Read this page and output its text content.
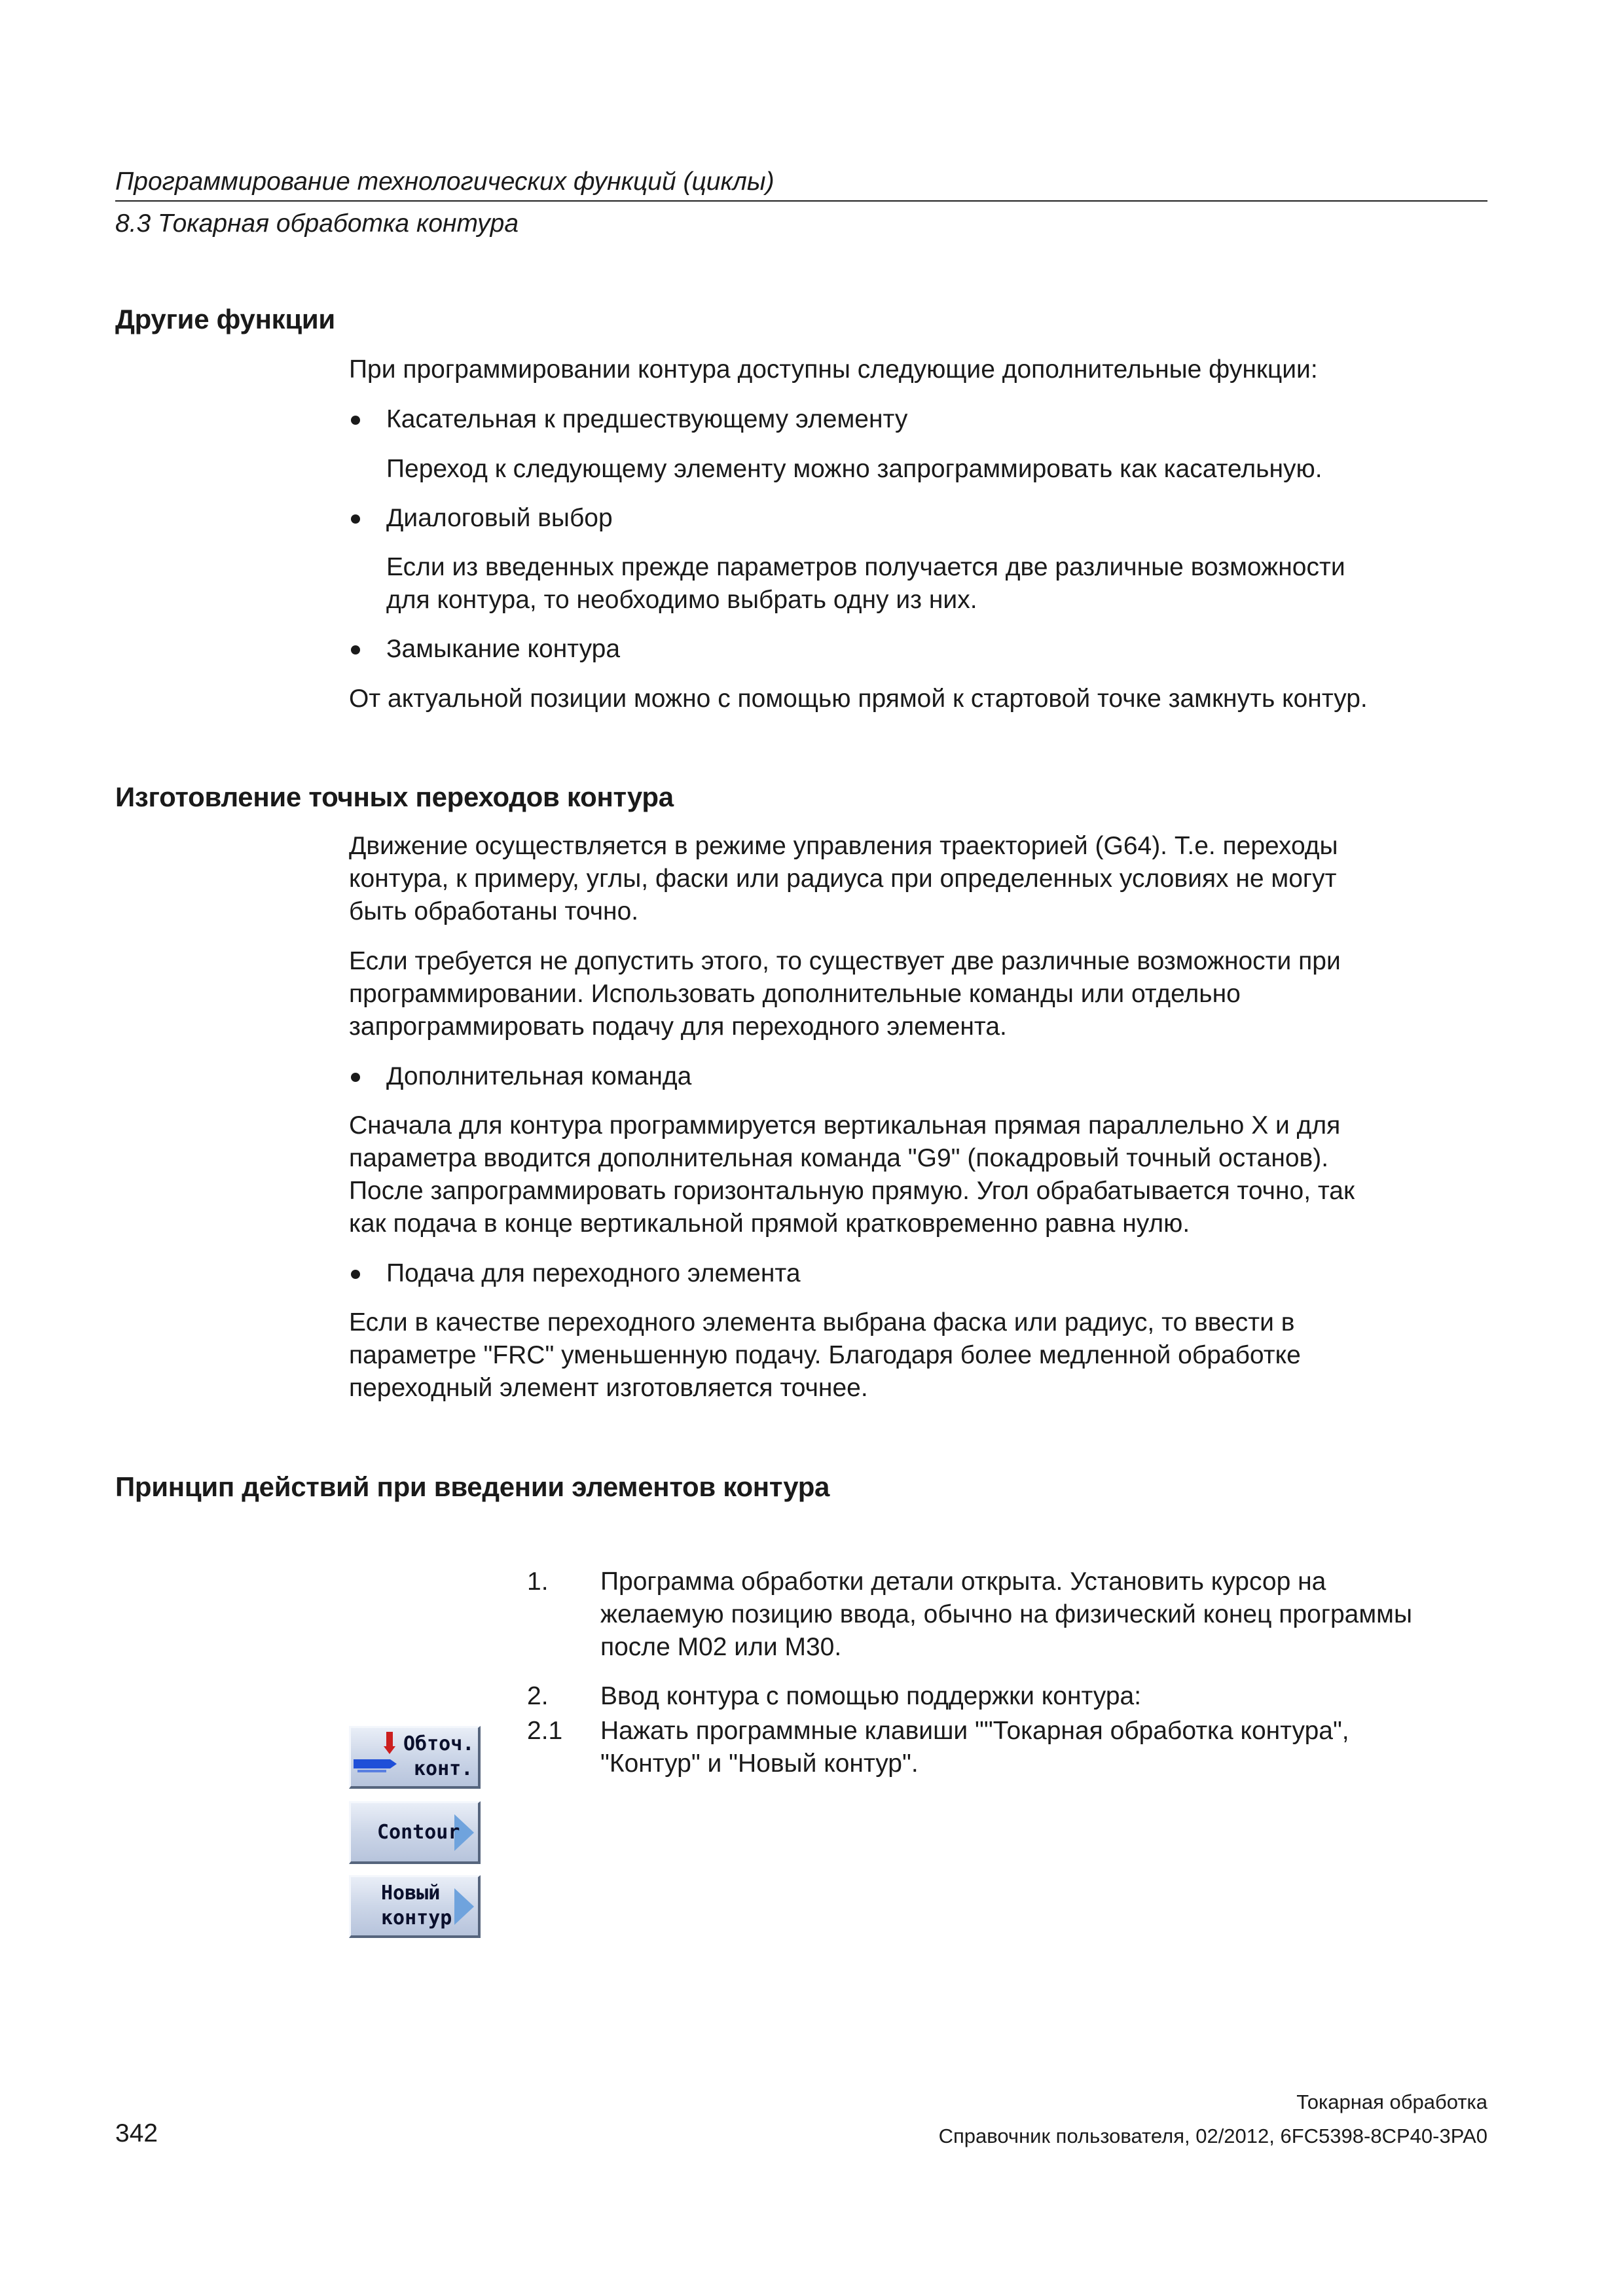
Программирование технологических функций (циклы)
8.3 Токарная обработка контура
Другие функции
При программировании контура доступны следующие дополнительные функции:
Касательная к предшествующему элементу
Переход к следующему элементу можно запрограммировать как касательную.
Диалоговый выбор
Если из введенных прежде параметров получается две различные возможности
для контура, то необходимо выбрать одну из них.
Замыкание контура
От актуальной позиции можно с помощью прямой к стартовой точке замкнуть контур.
Изготовление точных переходов контура
Движение осуществляется в режиме управления траекторией (G64). Т.е. переходы
контура, к примеру, углы, фаски или радиуса при определенных условиях не могут
быть обработаны точно.
Если требуется не допустить этого, то существует две различные возможности при
программировании. Использовать дополнительные команды или отдельно
запрограммировать подачу для переходного элемента.
Дополнительная команда
Сначала для контура программируется вертикальная прямая параллельно X и для
параметра вводится дополнительная команда "G9" (покадровый точный останов).
После запрограммировать горизонтальную прямую. Угол обрабатывается точно, так
как подача в конце вертикальной прямой кратковременно равна нулю.
Подача для переходного элемента
Если в качестве переходного элемента выбрана фаска или радиус, то ввести в
параметре "FRC" уменьшенную подачу. Благодаря более медленной обработке
переходный элемент изготовляется точнее.
Принцип действий при введении элементов контура
1. Программа обработки детали открыта. Установить курсор на
желаемую позицию ввода, обычно на физический конец программы
после M02 или M30.
2. Ввод контура с помощью поддержки контура:
2.1 Нажать программные клавиши ""Токарная обработка контура",
"Контур" и "Новый контур".
Обточ.
конт.
Contour
Новый
контур
Токарная обработка
342	Справочник пользователя, 02/2012, 6FC5398-8CP40-3PA0
